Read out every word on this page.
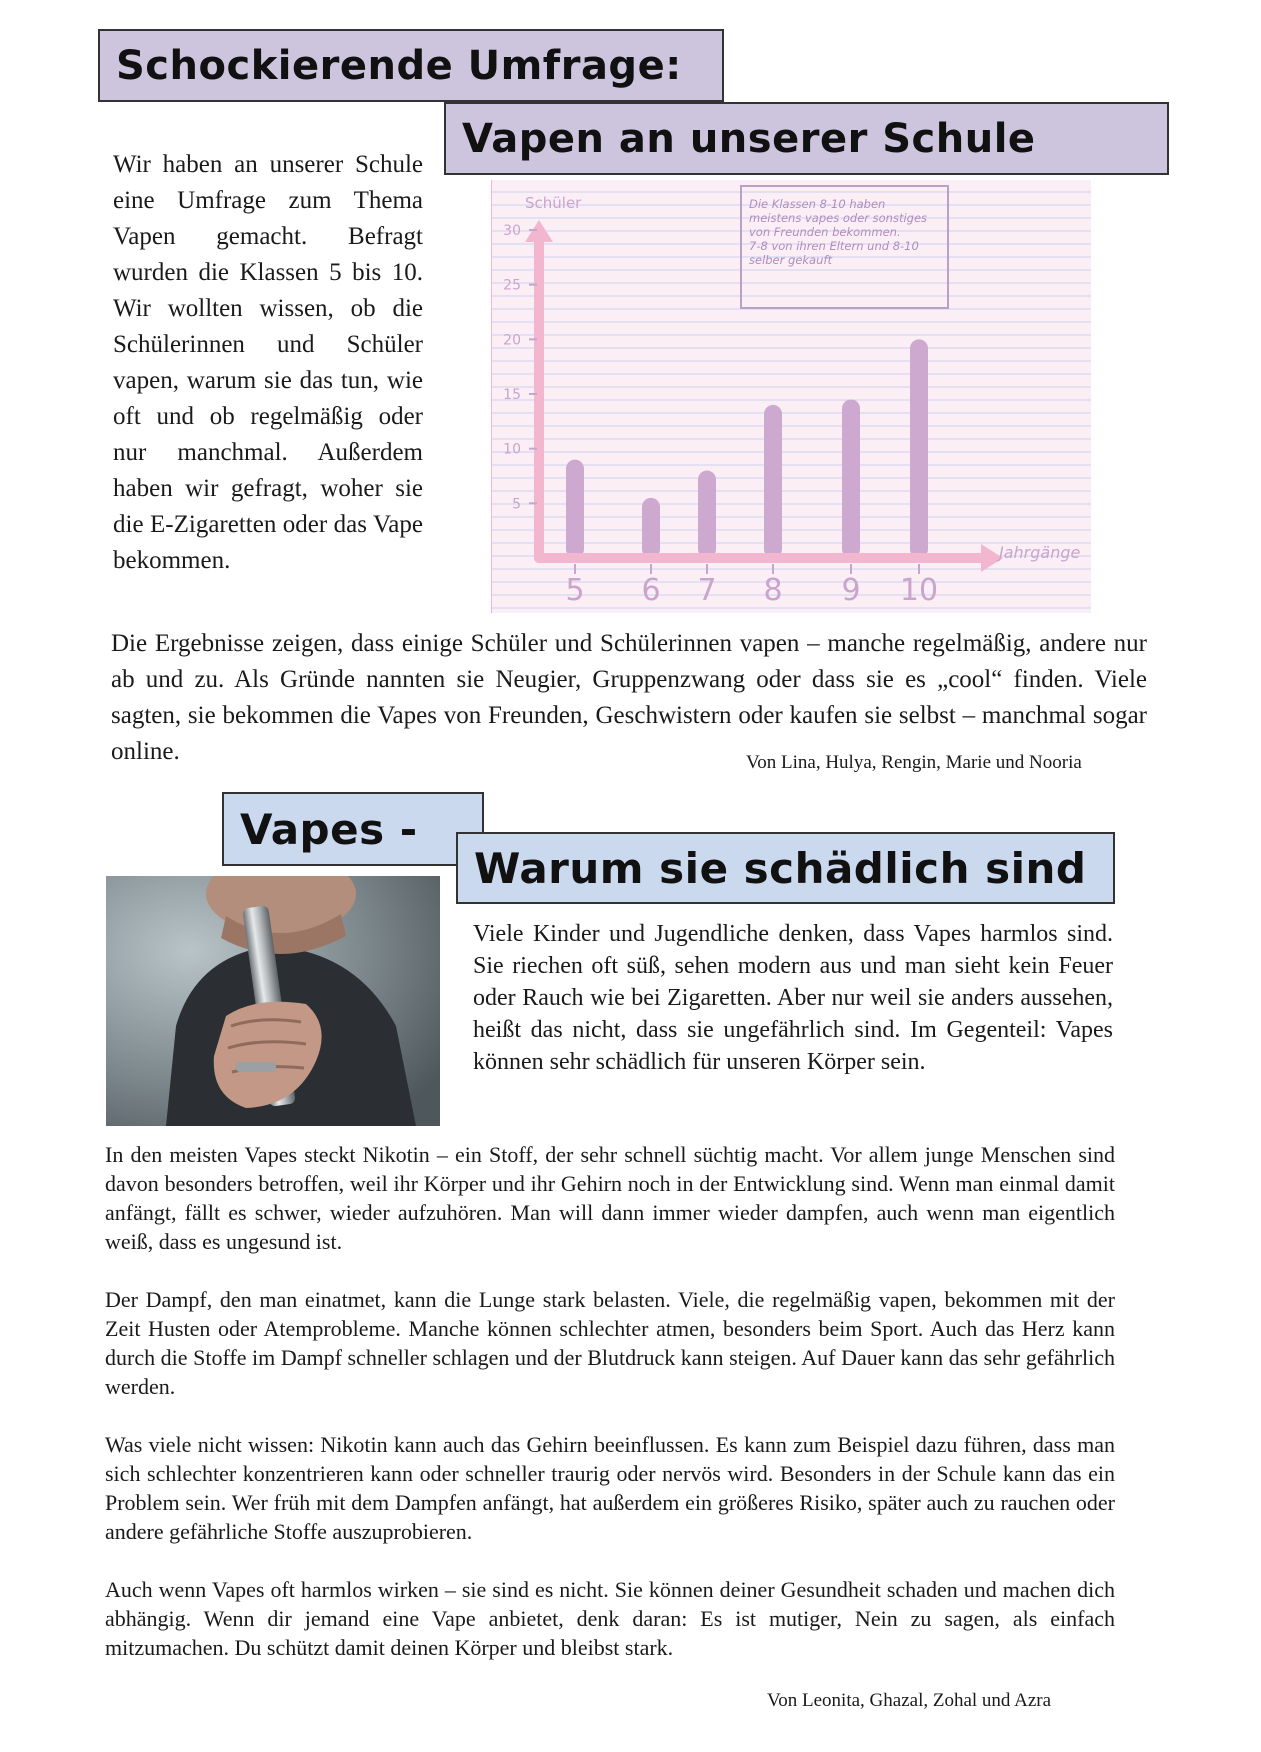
Schockierende Umfrage:
Vapen an unserer Schule
Wir haben an unserer Schule eine Umfrage zum Thema Vapen gemacht. Befragt wurden die Klassen 5 bis 10. Wir wollten wissen, ob die Schülerinnen und Schüler vapen, warum sie das tun, wie oft und ob regelmäßig oder nur manchmal. Außerdem haben wir gefragt, woher sie die E-Zigaretten oder das Vape bekommen.
5
10
15
20
25
30
5 6 7 8 9 10
Schüler
Jahrgänge
Die Klassen 8-10 haben
meistens vapes oder sonstiges
von Freunden bekommen.
7-8 von ihren Eltern und 8-10
selber gekauft
Die Ergebnisse zeigen, dass einige Schüler und Schülerinnen vapen – manche regelmäßig, andere nur ab und zu. Als Gründe nannten sie Neugier, Gruppenzwang oder dass sie es „cool“ finden. Viele sagten, sie bekommen die Vapes von Freunden, Geschwistern oder kaufen sie selbst – manchmal sogar online.	Von Lina, Hulya, Rengin, Marie und Nooria
Vapes -
Warum sie schädlich sind
Viele Kinder und Jugendliche denken, dass Vapes harmlos sind. Sie riechen oft süß, sehen modern aus und man sieht kein Feuer oder Rauch wie bei Zigaretten. Aber nur weil sie anders aussehen, heißt das nicht, dass sie ungefährlich sind. Im Gegenteil: Vapes können sehr schädlich für unseren Körper sein.
In den meisten Vapes steckt Nikotin – ein Stoff, der sehr schnell süchtig macht. Vor allem junge Menschen sind davon besonders betroffen, weil ihr Körper und ihr Gehirn noch in der Entwicklung sind. Wenn man einmal damit anfängt, fällt es schwer, wieder aufzuhören. Man will dann immer wieder dampfen, auch wenn man eigentlich weiß, dass es ungesund ist.
Der Dampf, den man einatmet, kann die Lunge stark belasten. Viele, die regelmäßig vapen, bekommen mit der Zeit Husten oder Atemprobleme. Manche können schlechter atmen, besonders beim Sport. Auch das Herz kann durch die Stoffe im Dampf schneller schlagen und der Blutdruck kann steigen. Auf Dauer kann das sehr gefährlich werden.
Was viele nicht wissen: Nikotin kann auch das Gehirn beeinflussen. Es kann zum Beispiel dazu führen, dass man sich schlechter konzentrieren kann oder schneller traurig oder nervös wird. Besonders in der Schule kann das ein Problem sein. Wer früh mit dem Dampfen anfängt, hat außerdem ein größeres Risiko, später auch zu rauchen oder andere gefährliche Stoffe auszuprobieren.
Auch wenn Vapes oft harmlos wirken – sie sind es nicht. Sie können deiner Gesundheit schaden und machen dich abhängig. Wenn dir jemand eine Vape anbietet, denk daran: Es ist mutiger, Nein zu sagen, als einfach mitzumachen. Du schützt damit deinen Körper und bleibst stark.
Von Leonita, Ghazal, Zohal und Azra
